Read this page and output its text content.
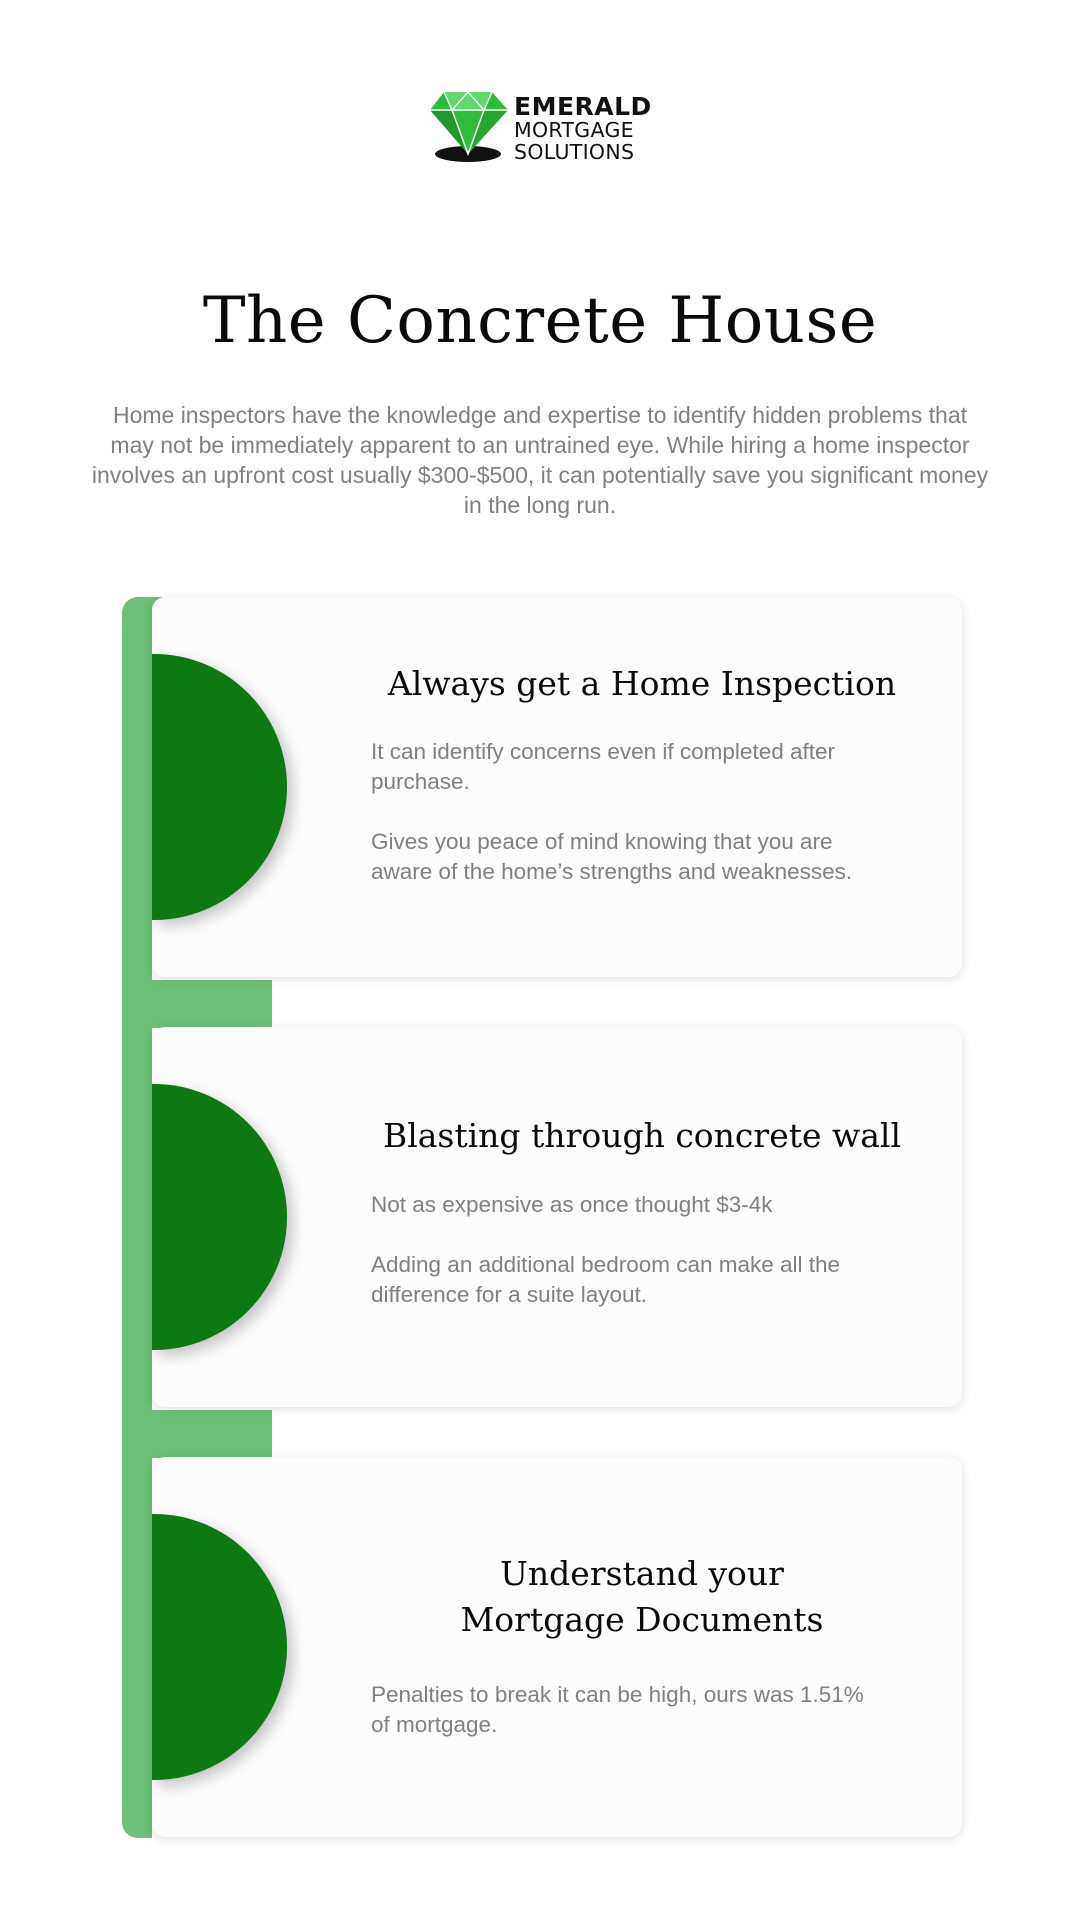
EMERALD
MORTGAGE
SOLUTIONS
The Concrete House
Home inspectors have the knowledge and expertise to identify hidden problems that may not be immediately apparent to an untrained eye. While hiring a home inspector involves an upfront cost usually $300-$500, it can potentially save you significant money in the long run.
Always get a Home Inspection

It can identify concerns even if completed after purchase.

Gives you peace of mind knowing that you are aware of the home’s strengths and weaknesses.

Blasting through concrete wall

Not as expensive as once thought $3-4k

Adding an additional bedroom can make all the difference for a suite layout.

Understand your
Mortgage Documents

Penalties to break it can be high, ours was 1.51% of mortgage.
